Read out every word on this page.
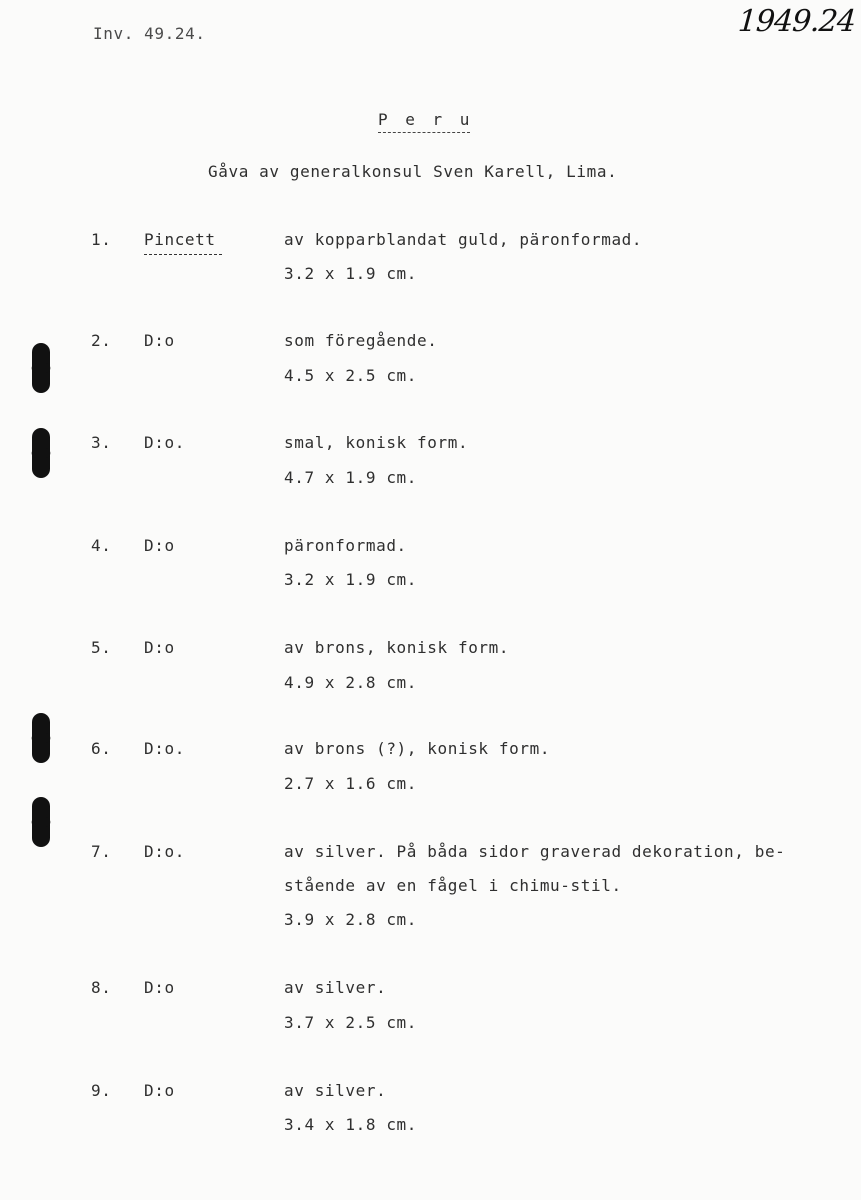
Inv. 49.24.	1949.24
P e r u
Gåva av generalkonsul Sven Karell, Lima.
1. Pincett	av kopparblandat guld, päronformad.
3.2 x 1.9 cm.
2. D:o	som föregående.
4.5 x 2.5 cm.
3. D:o.	smal, konisk form.
4.7 x 1.9 cm.
4. D:o	päronformad.
3.2 x 1.9 cm.
5. D:o	av brons, konisk form.
4.9 x 2.8 cm.
6. D:o.	av brons (?), konisk form.
2.7 x 1.6 cm.
7. D:o.	av silver. På båda sidor graverad dekoration, be-
stående av en fågel i chimu-stil.
3.9 x 2.8 cm.
8. D:o	av silver.
3.7 x 2.5 cm.
9. D:o	av silver.
3.4 x 1.8 cm.
